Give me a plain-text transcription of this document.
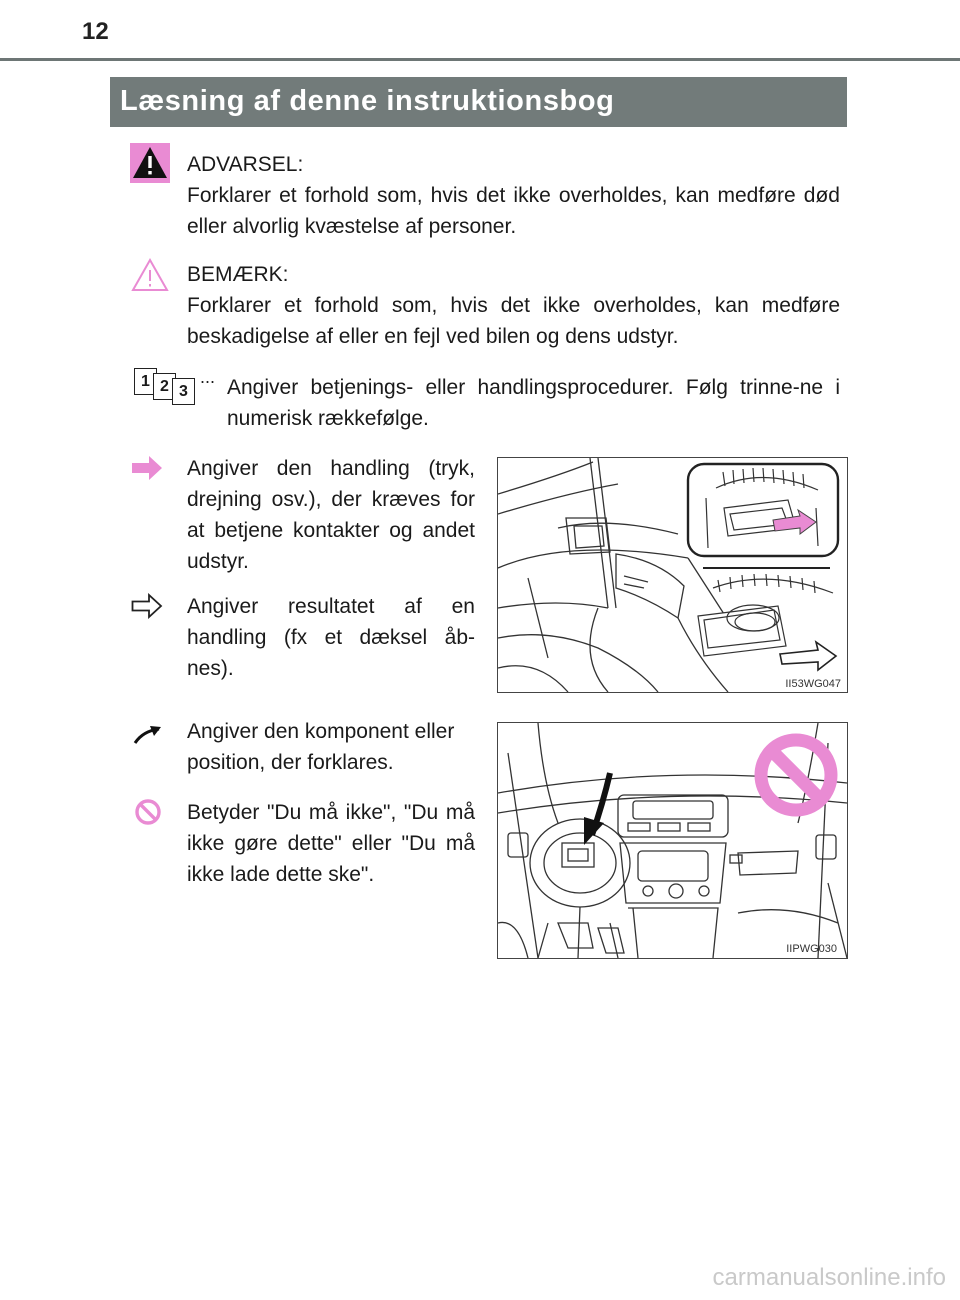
12
Læsning af denne instruktionsbog

ADVARSEL:

Forklarer et forhold som, hvis det ikke overholdes, kan medføre død eller alvorlig kvæstelse af personer.

BEMÆRK:

Forklarer et forhold som, hvis det ikke overholdes, kan medføre beskadigelse af eller en fejl ved bilen og dens udstyr.

1 2 3
... Angiver betjenings- eller handlingsprocedurer. Følg trinne-ne i numerisk rækkefølge.
Angiver den handling (tryk, drejning osv.), der kræves for at betjene kontakter og andet udstyr.
Angiver resultatet af en handling (fx et dæksel åb-nes).
II53WG047
Angiver den komponent eller position, der forklares.
Betyder "Du må ikke", "Du må ikke gøre dette" eller "Du må ikke lade dette ske".
IIPWG030
carmanualsonline.info
